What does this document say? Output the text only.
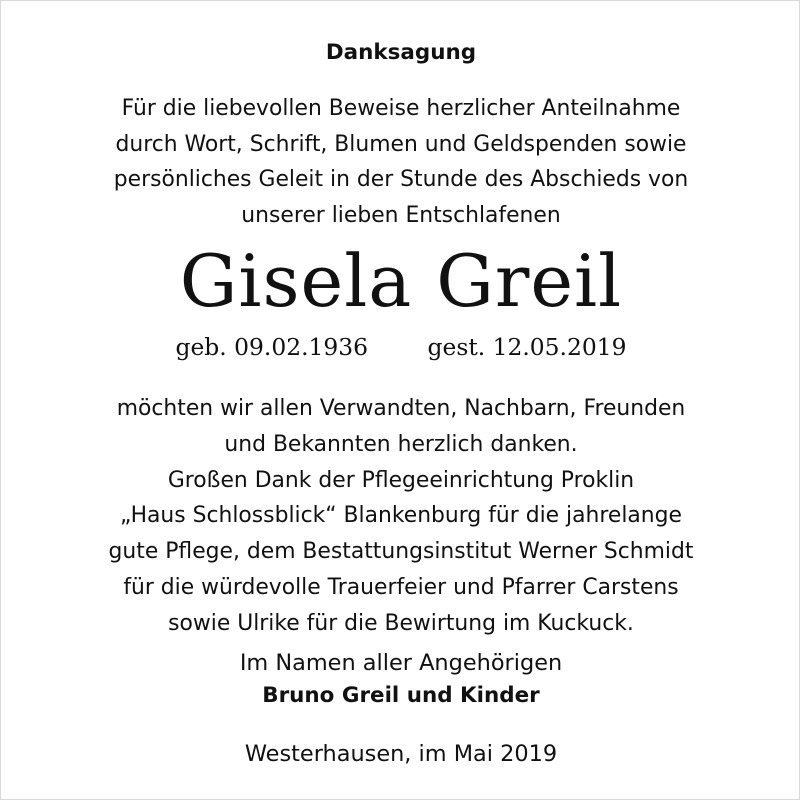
Danksagung
Für die liebevollen Beweise herzlicher Anteilnahme
durch Wort, Schrift, Blumen und Geldspenden sowie
persönliches Geleit in der Stunde des Abschieds von
unserer lieben Entschlafenen
Gisela Greil
geb. 09.02.1936	gest. 12.05.2019
möchten wir allen Verwandten, Nachbarn, Freunden
und Bekannten herzlich danken.
Großen Dank der Pflegeeinrichtung Proklin
„Haus Schlossblick“ Blankenburg für die jahrelange
gute Pflege, dem Bestattungsinstitut Werner Schmidt
für die würdevolle Trauerfeier und Pfarrer Carstens
sowie Ulrike für die Bewirtung im Kuckuck.
Im Namen aller Angehörigen
Bruno Greil und Kinder
Westerhausen, im Mai 2019
